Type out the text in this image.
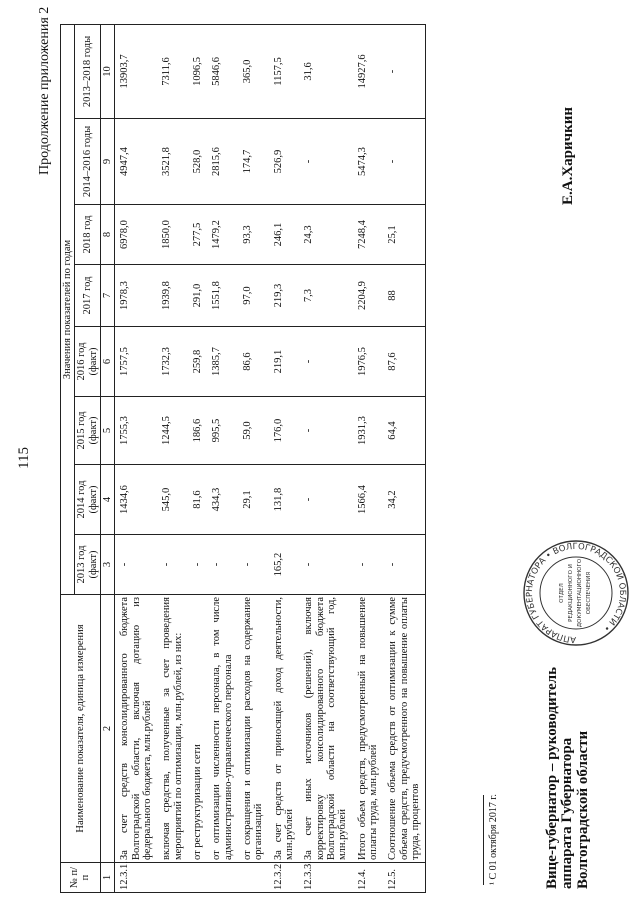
115
Продолжение приложения 2
№ п/п	Наименование показателя, единица измерения	Значения показателей по годам							
		2013 год (факт)	2014 год (факт)	2015 год (факт)	2016 год (факт)	2017 год	2018 год	2014–2016 годы	2013–2018 годы
1	2	3	4	5	6	7	8	9	10
12.3.1.	За счет средств консолидированного бюджета Волгоградской области, включая дотацию из федерального бюджета, млн.рублей	-	1434,6	1755,3	1757,5	1978,3	6978,0	4947,4	13903,7
	включая средства, полученные за счет проведения мероприятий по оптимизации, млн.рублей, из них:	-	545,0	1244,5	1732,3	1939,8	1850,0	3521,8	7311,6
	от реструктуризации сети	-	81,6	186,6	259,8	291,0	277,5	528,0	1096,5
	от оптимизации численности персонала, в том числе административно-управленческого персонала	-	434,3	995,5	1385,7	1551,8	1479,2	2815,6	5846,6
	от сокращения и оптимизации расходов на содержание организаций	-	29,1	59,0	86,6	97,0	93,3	174,7	365,0
12.3.2.	За счет средств от приносящей доход деятельности, млн.рублей	165,2	131,8	176,0	219,1	219,3	246,1	526,9	1157,5
12.3.3.	За счет иных источников (решений), включая корректировку консолидированного бюджета Волгоградской области на соответствующий год, млн.рублей	-	-	-	-	7,3	24,3	-	31,6
12.4.	Итого объем средств, предусмотренный на повышение оплаты труда, млн.рублей	-	1566,4	1931,3	1976,5	2204,9	7248,4	5474,3	14927,6
12.5.	Соотношение объема средств от оптимизации к сумме объема средств, предусмотренного на повышение оплаты труда, процентов	-	34,2	64,4	87,6	88	25,1	-	-
¹ С 01 октября 2017 г.	Вице-губернатор – руководитель аппарата Губернатора Волгоградской области
АППАРАТ ГУБЕРНАТОРА • ВОЛГОГРАДСКОЙ ОБЛАСТИ •
ОТДЕЛ РЕДАКЦИОННОГО И ДОКУМЕНТАЦИОННОГО ОБЕСПЕЧЕНИЯ
Е.А.Харичкин
